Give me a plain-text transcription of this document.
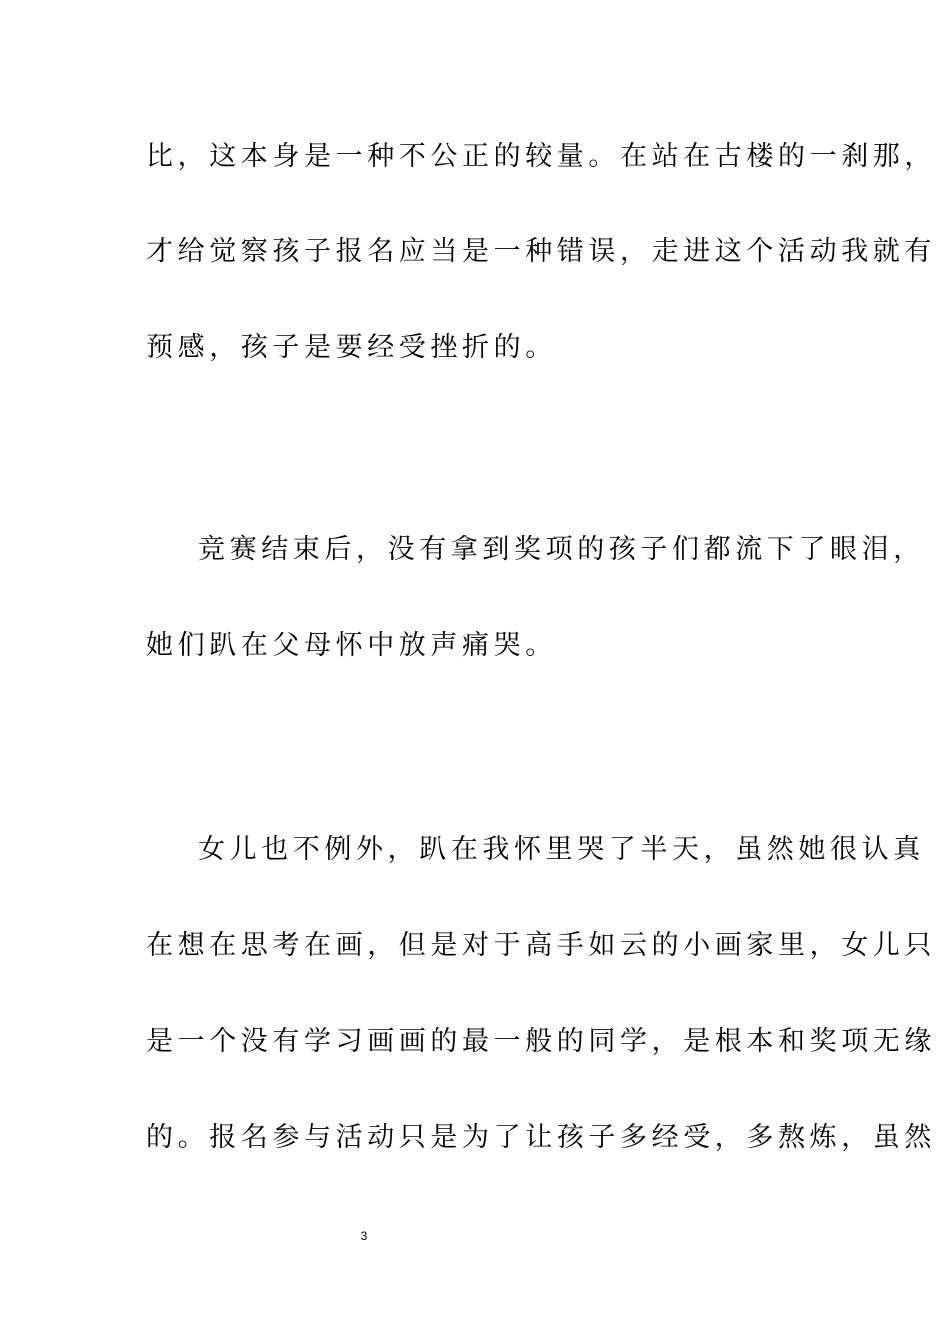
比，这本身是一种不公正的较量。在站在古楼的一刹那，
才给觉察孩子报名应当是一种错误，走进这个活动我就有
预感，孩子是要经受挫折的。
竞赛结束后，没有拿到奖项的孩子们都流下了眼泪，
她们趴在父母怀中放声痛哭。
女儿也不例外，趴在我怀里哭了半天，虽然她很认真
在想在思考在画，但是对于高手如云的小画家里，女儿只
是一个没有学习画画的最一般的同学，是根本和奖项无缘
的。报名参与活动只是为了让孩子多经受，多熬炼，虽然
3
